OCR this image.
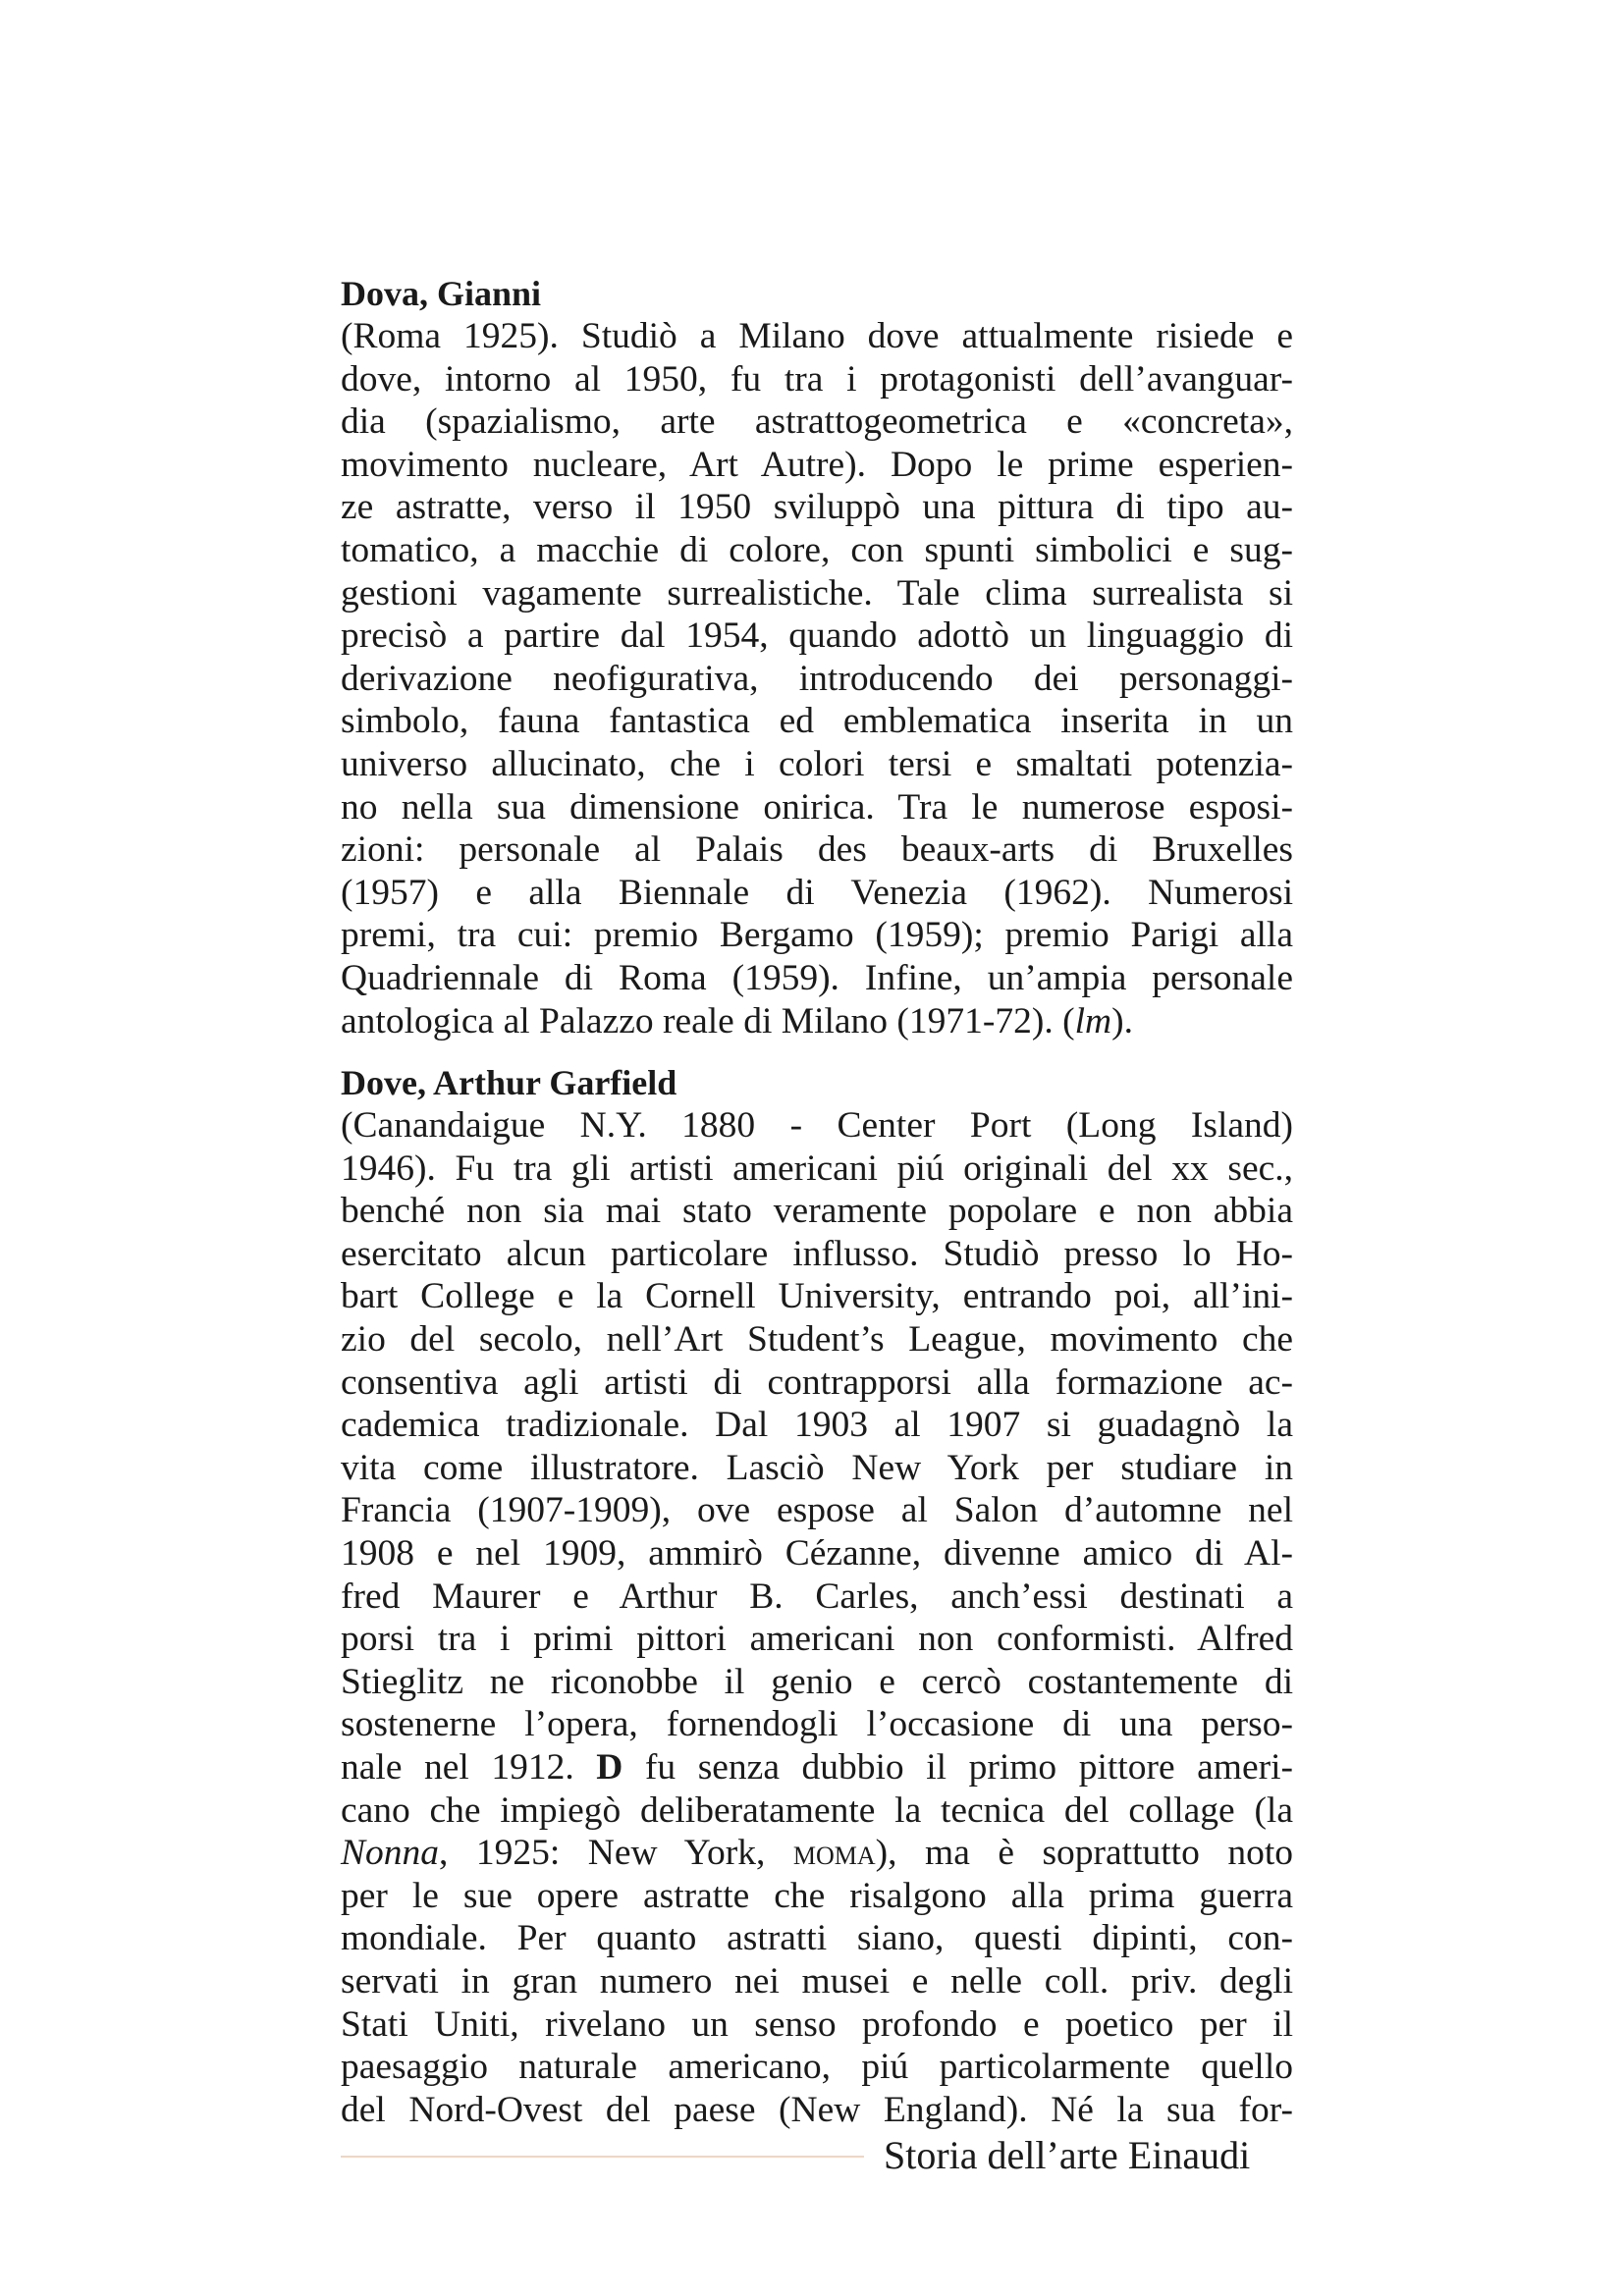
Dova, Gianni

(Roma 1925). Studiò a Milano dove attualmente risiede e
dove, intorno al 1950, fu tra i protagonisti dell’avanguar-
dia (spazialismo, arte astrattogeometrica e «concreta»,
movimento nucleare, Art Autre). Dopo le prime esperien-
ze astratte, verso il 1950 sviluppò una pittura di tipo au-
tomatico, a macchie di colore, con spunti simbolici e sug-
gestioni vagamente surrealistiche. Tale clima surrealista si
precisò a partire dal 1954, quando adottò un linguaggio di
derivazione neofigurativa, introducendo dei personaggi-
simbolo, fauna fantastica ed emblematica inserita in un
universo allucinato, che i colori tersi e smaltati potenzia-
no nella sua dimensione onirica. Tra le numerose esposi-
zioni: personale al Palais des beaux-arts di Bruxelles
(1957) e alla Biennale di Venezia (1962). Numerosi
premi, tra cui: premio Bergamo (1959); premio Parigi alla
Quadriennale di Roma (1959). Infine, un’ampia personale
antologica al Palazzo reale di Milano (1971-72). (lm).

Dove, Arthur Garfield

(Canandaigue N.Y. 1880 - Center Port (Long Island)
1946). Fu tra gli artisti americani piú originali del xx sec.,
benché non sia mai stato veramente popolare e non abbia
esercitato alcun particolare influsso. Studiò presso lo Ho-
bart College e la Cornell University, entrando poi, all’ini-
zio del secolo, nell’Art Student’s League, movimento che
consentiva agli artisti di contrapporsi alla formazione ac-
cademica tradizionale. Dal 1903 al 1907 si guadagnò la
vita come illustratore. Lasciò New York per studiare in
Francia (1907-1909), ove espose al Salon d’automne nel
1908 e nel 1909, ammirò Cézanne, divenne amico di Al-
fred Maurer e Arthur B. Carles, anch’essi destinati a
porsi tra i primi pittori americani non conformisti. Alfred
Stieglitz ne riconobbe il genio e cercò costantemente di
sostenerne l’opera, fornendogli l’occasione di una perso-
nale nel 1912. D fu senza dubbio il primo pittore ameri-
cano che impiegò deliberatamente la tecnica del collage (la
Nonna, 1925: New York, moma), ma è soprattutto noto
per le sue opere astratte che risalgono alla prima guerra
mondiale. Per quanto astratti siano, questi dipinti, con-
servati in gran numero nei musei e nelle coll. priv. degli
Stati Uniti, rivelano un senso profondo e poetico per il
paesaggio naturale americano, piú particolarmente quello
del Nord-Ovest del paese (New England). Né la sua for-

Storia dell’arte Einaudi
